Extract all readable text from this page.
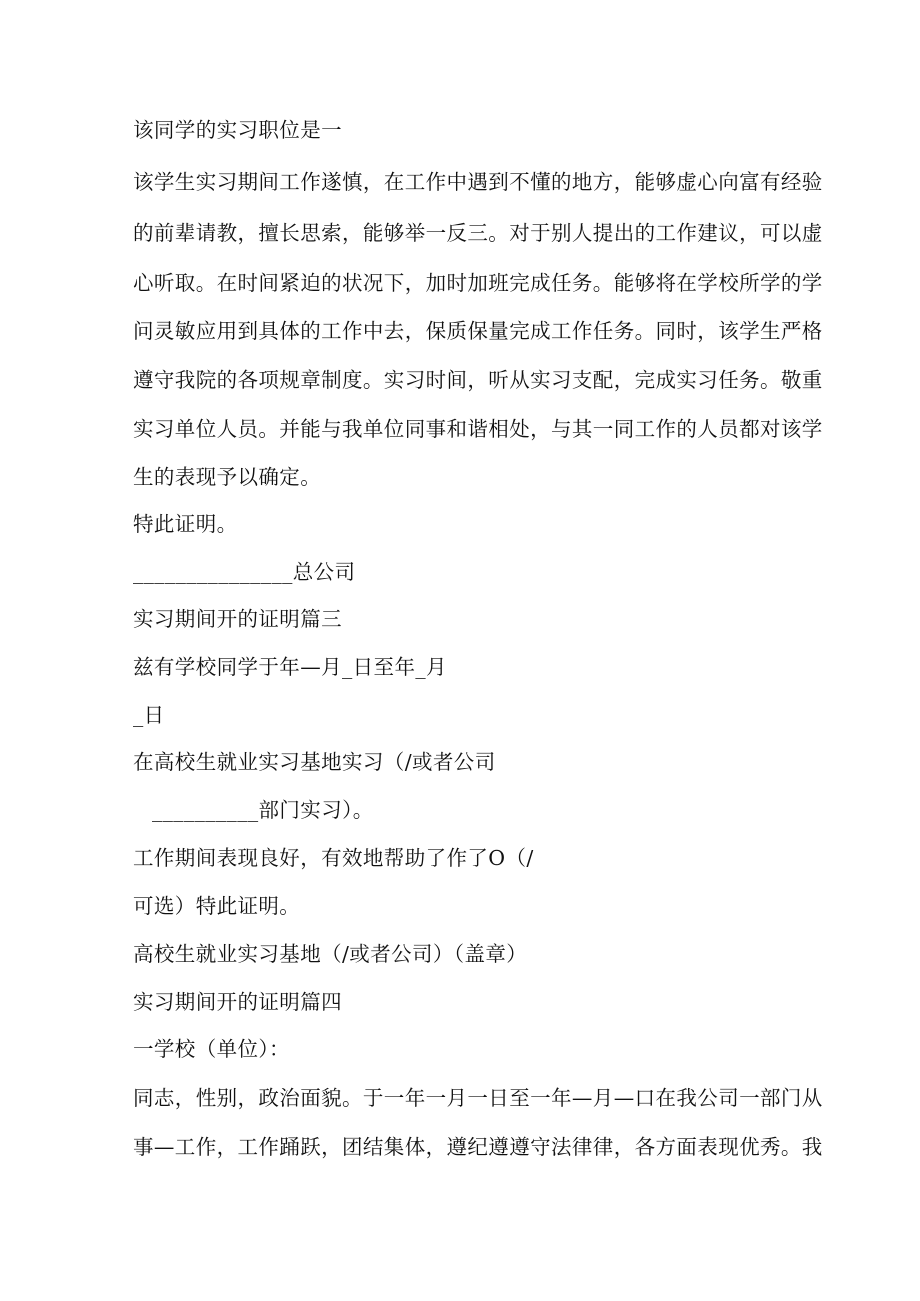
该同学的实习职位是一
该学生实习期间工作遂慎，在工作中遇到不懂的地方，能够虚心向富有经验
的前辈请教，擅长思索，能够举一反三。对于别人提出的工作建议，可以虚
心听取。在时间紧迫的状况下，加时加班完成任务。能够将在学校所学的学
问灵敏应用到具体的工作中去，保质保量完成工作任务。同时，该学生严格
遵守我院的各项规章制度。实习时间，听从实习支配，完成实习任务。敬重
实习单位人员。并能与我单位同事和谐相处，与其一同工作的人员都对该学
生的表现予以确定。
特此证明。
_______________总公司
实习期间开的证明篇三
兹有学校同学于年—月_日至年_月
_日
在高校生就业实习基地实习（/或者公司
__________部门实习）。
工作期间表现良好，有效地帮助了作了O（/
可选）特此证明。
高校生就业实习基地（/或者公司）（盖章）
实习期间开的证明篇四
一学校（单位）：
同志，性别，政治面貌。于一年一月一日至一年—月—口在我公司一部门从
事—工作，工作踊跃，团结集体，遵纪遵遵守法律律，各方面表现优秀。我
